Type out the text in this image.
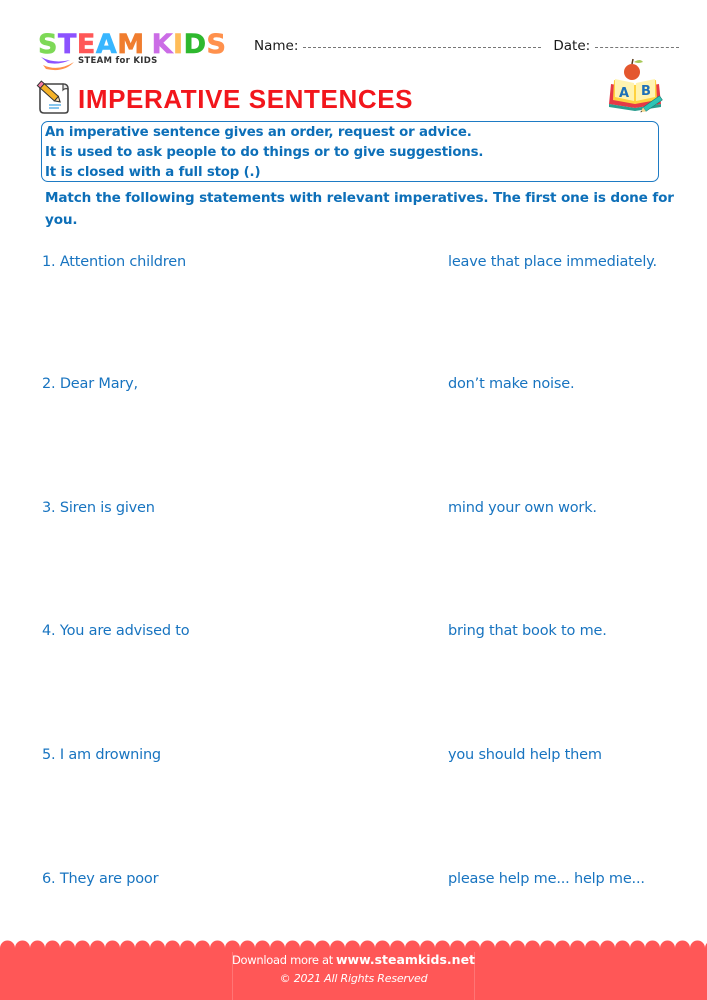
STEAM KIDS
STEAM for KIDS
Name:	Date:
IMPERATIVE SENTENCES	A B
An imperative sentence gives an order, request or advice.
It is used to ask people to do things or to give suggestions.
It is closed with a full stop (.)
Match the following statements with relevant imperatives. The first one is done for you.
1. Attention children	leave that place immediately.
2. Dear Mary,	don’t make noise.
3. Siren is given	mind your own work.
4. You are advised to	bring that book to me.
5. I am drowning	you should help them
6. They are poor	please help me... help me...
Download more at www.steamkids.net
© 2021 All Rights Reserved
